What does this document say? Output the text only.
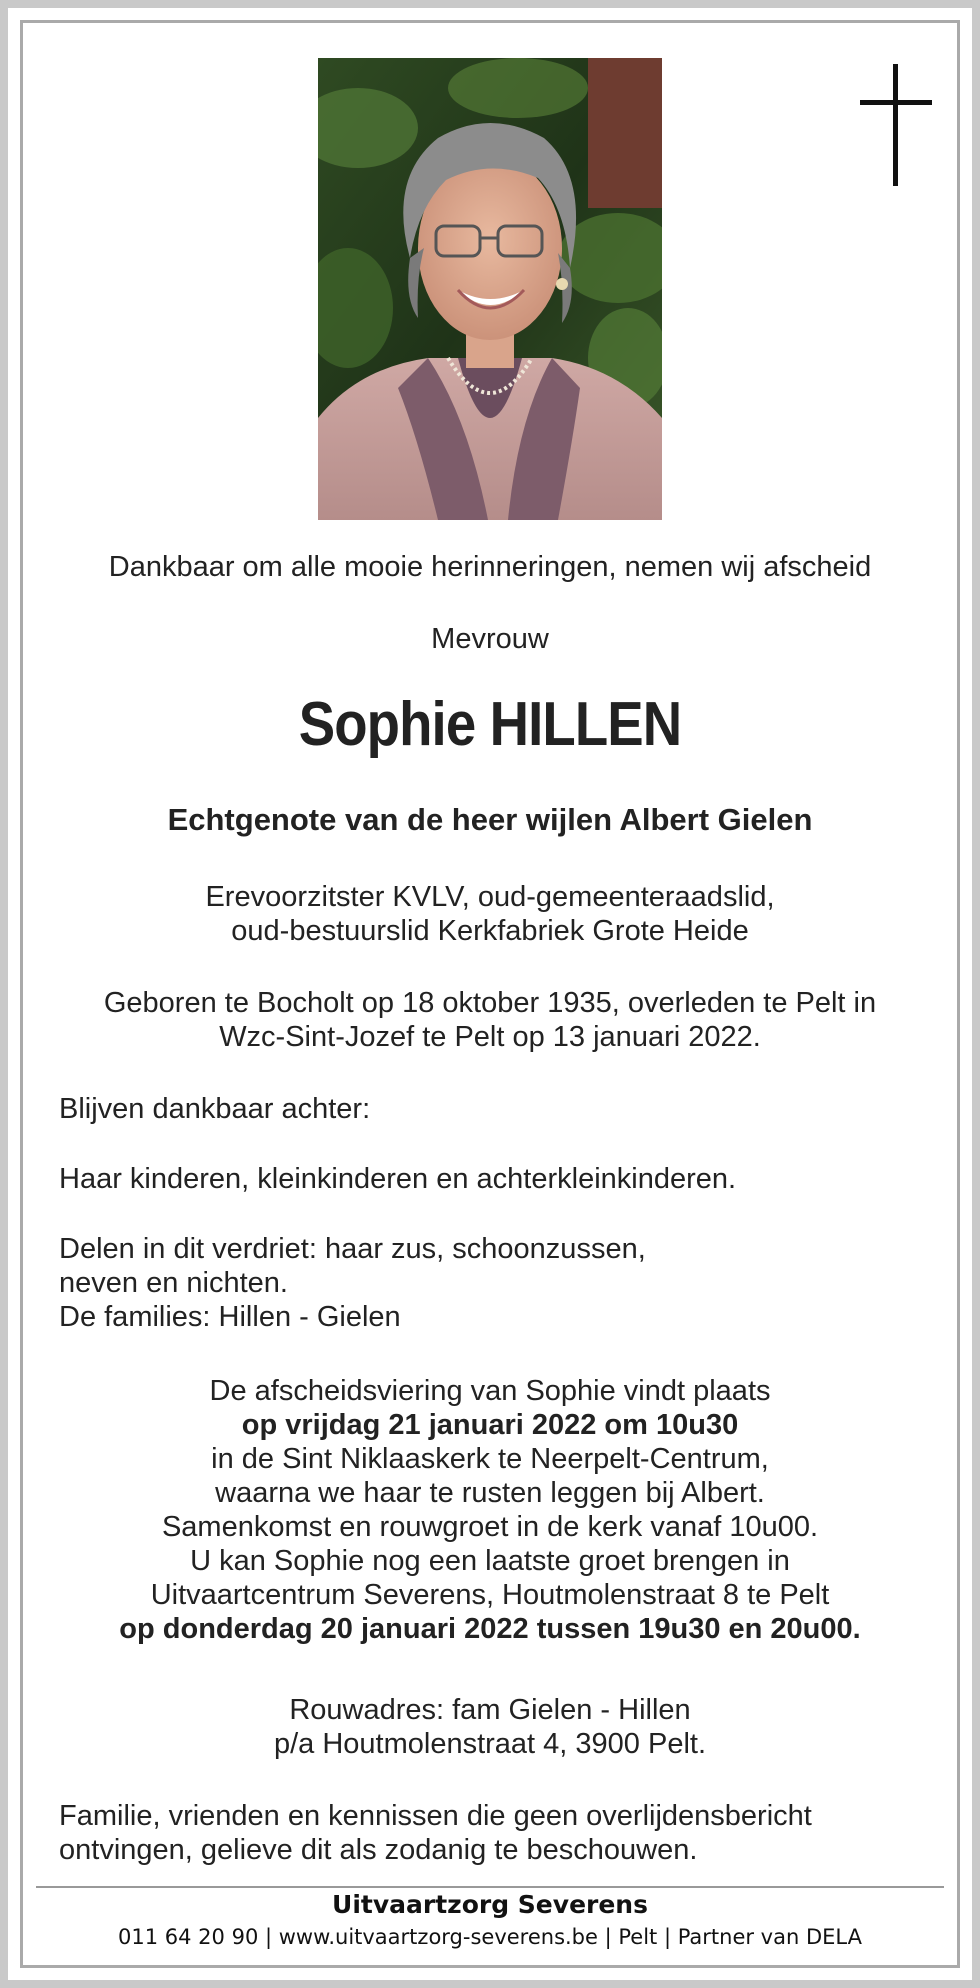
Dankbaar om alle mooie herinneringen, nemen wij afscheid
Mevrouw
Sophie HILLEN
Echtgenote van de heer wijlen Albert Gielen
Erevoorzitster KVLV, oud-gemeenteraadslid,
oud-bestuurslid Kerkfabriek Grote Heide
Geboren te Bocholt op 18 oktober 1935, overleden te Pelt in
Wzc-Sint-Jozef te Pelt op 13 januari 2022.
Blijven dankbaar achter:
Haar kinderen, kleinkinderen en achterkleinkinderen.
Delen in dit verdriet: haar zus, schoonzussen,
neven en nichten.
De families: Hillen - Gielen
De afscheidsviering van Sophie vindt plaats
op vrijdag 21 januari 2022 om 10u30
in de Sint Niklaaskerk te Neerpelt-Centrum,
waarna we haar te rusten leggen bij Albert.
Samenkomst en rouwgroet in de kerk vanaf 10u00.
U kan Sophie nog een laatste groet brengen in
Uitvaartcentrum Severens, Houtmolenstraat 8 te Pelt
op donderdag 20 januari 2022 tussen 19u30 en 20u00.
Rouwadres: fam Gielen - Hillen
p/a Houtmolenstraat 4, 3900 Pelt.
Familie, vrienden en kennissen die geen overlijdensbericht
ontvingen, gelieve dit als zodanig te beschouwen.
Uitvaartzorg Severens
011 64 20 90 | www.uitvaartzorg-severens.be | Pelt | Partner van DELA
